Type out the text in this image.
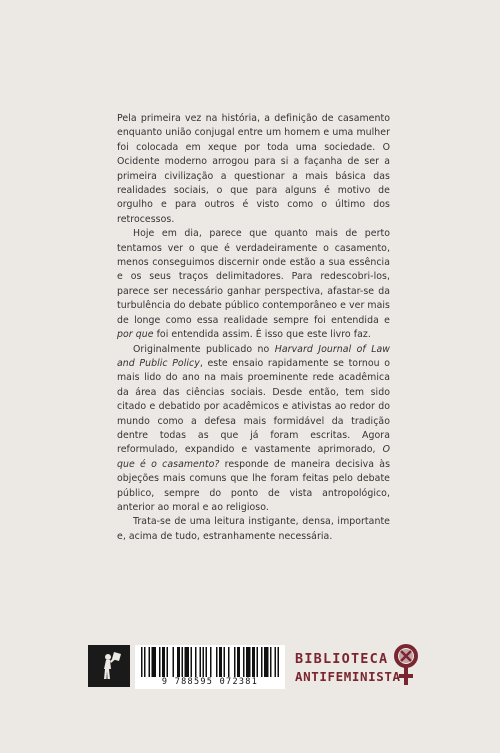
Pela primeira vez na história, a definição de casamento enquanto união conjugal entre um homem e uma mulher foi colocada em xeque por toda uma sociedade. O Ocidente moderno arrogou para si a façanha de ser a primeira civilização a questionar a mais básica das realidades sociais, o que para alguns é motivo de orgulho e para outros é visto como o último dos retrocessos.

Hoje em dia, parece que quanto mais de perto tentamos ver o que é verdadeiramente o casamento, menos conseguimos discernir onde estão a sua essência e os seus traços delimitadores. Para redescobri-los, parece ser necessário ganhar perspectiva, afastar-se da turbulência do debate público contemporâneo e ver mais de longe como essa realidade sempre foi entendida e por que foi entendida assim. É isso que este livro faz.

Originalmente publicado no Harvard Journal of Law and Public Policy, este ensaio rapidamente se tornou o mais lido do ano na mais proeminente rede acadêmica da área das ciências sociais. Desde então, tem sido citado e debatido por acadêmicos e ativistas ao redor do mundo como a defesa mais formidável da tradição dentre todas as que já foram escritas. Agora reformulado, expandido e vastamente aprimorado, O que é o casamento? responde de maneira decisiva às objeções mais comuns que lhe foram feitas pelo debate público, sempre do ponto de vista antropológico, anterior ao moral e ao religioso.

Trata-se de uma leitura instigante, densa, importante e, acima de tudo, estranhamente necessária.

9 788595 072381
BIBLIOTECA
ANTIFEMINISTA
